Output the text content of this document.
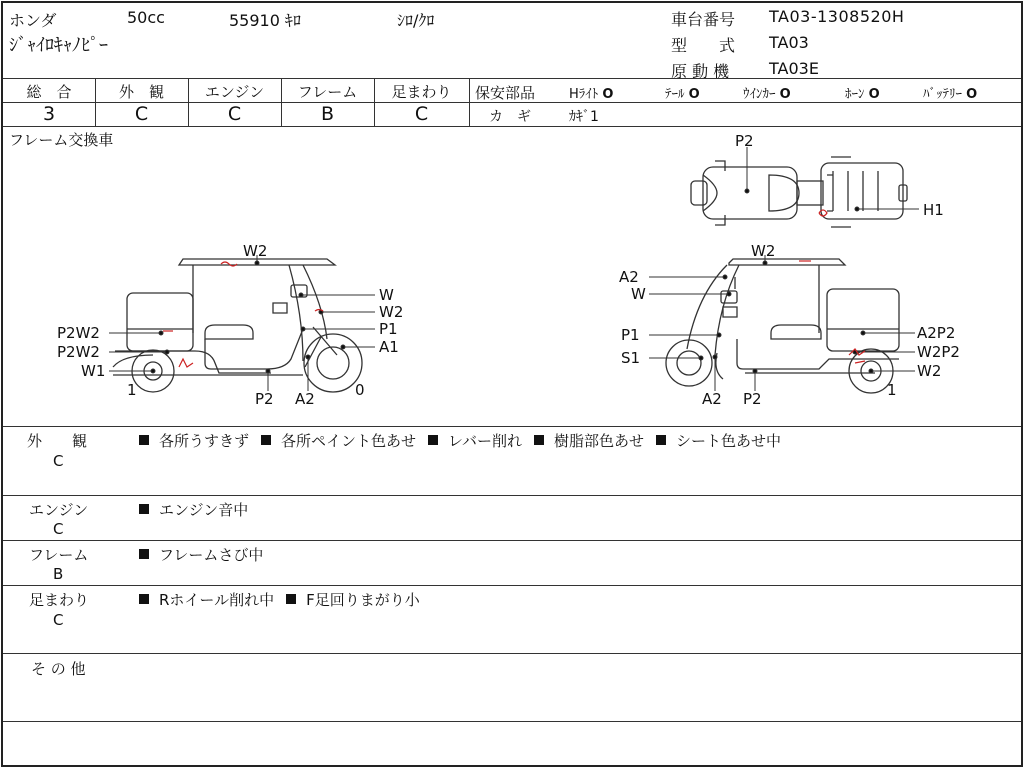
ホンダ	50cc	55910 ｷﾛ	ｼﾛ/ｸﾛ
ｼﾞｬｲﾛｷｬﾉﾋﾟｰ
車台番号 TA03-1308520H
型　　式 TA03
原 動 機 TA03E
総　合	外　観	エンジン	フレーム	足まわり
3	C	C	B	C
保安部品	Hﾗｲﾄ O	ﾃｰﾙ O	ｳｲﾝｶｰ O	ﾎｰﾝ O	ﾊﾞｯﾃﾘｰ O
カ　ギ	ｶｷﾞ1
フレーム交換車	P2
H1
W2
W
W2
P1
A1
P2W2
P2W2
W1
P2 A2
1	0
W2
A2
W
P1
S1
A2P2
W2P2
W2
A2 P2	1
外　　観
C
各所うすきず 各所ペイント色あせ レバー削れ 樹脂部色あせ シート色あせ中
エンジン
C
エンジン音中
フレーム
B
フレームさび中
足まわり
C
Rホイール削れ中 F足回りまがり小
そ の 他
